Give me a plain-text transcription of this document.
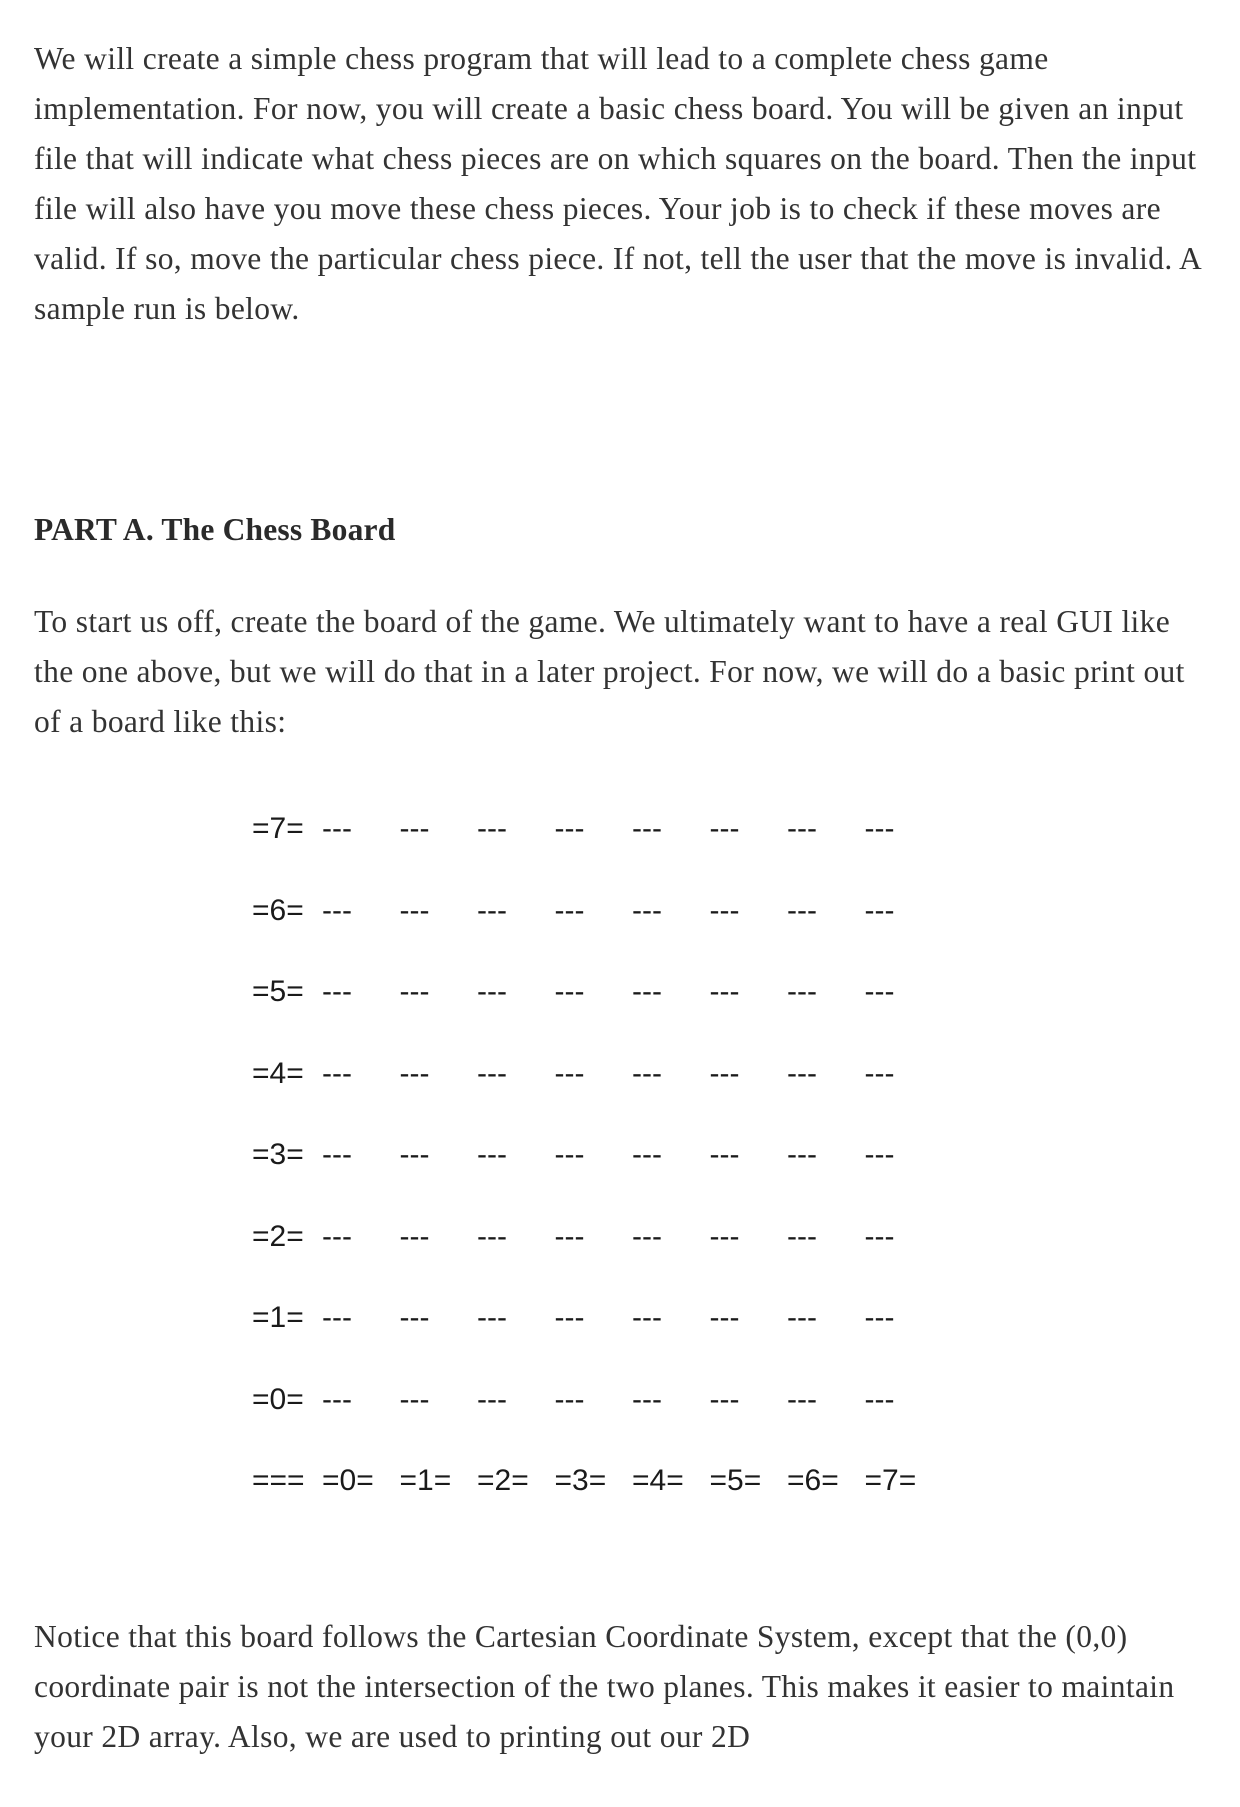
We will create a simple chess program that will lead to a complete chess game implementation. For now, you will create a basic chess board. You will be given an input file that will indicate what chess pieces are on which squares on the board. Then the input file will also have you move these chess pieces. Your job is to check if these moves are valid. If so, move the particular chess piece. If not, tell the user that the move is invalid. A sample run is below.

PART A. The Chess Board

To start us off, create the board of the game. We ultimately want to have a real GUI like the one above, but we will do that in a later project. For now, we will do a basic print out of a board like this:

=7= ---	---	---	---	---	---	---	---
=6= ---	---	---	---	---	---	---	---
=5= ---	---	---	---	---	---	---	---
=4= ---	---	---	---	---	---	---	---
=3= ---	---	---	---	---	---	---	---
=2= ---	---	---	---	---	---	---	---
=1= ---	---	---	---	---	---	---	---
=0= ---	---	---	---	---	---	---	---
=== =0= =1= =2= =3= =4= =5= =6= =7=

Notice that this board follows the Cartesian Coordinate System, except that the (0,0) coordinate pair is not the intersection of the two planes. This makes it easier to maintain your 2D array. Also, we are used to printing out our 2D
